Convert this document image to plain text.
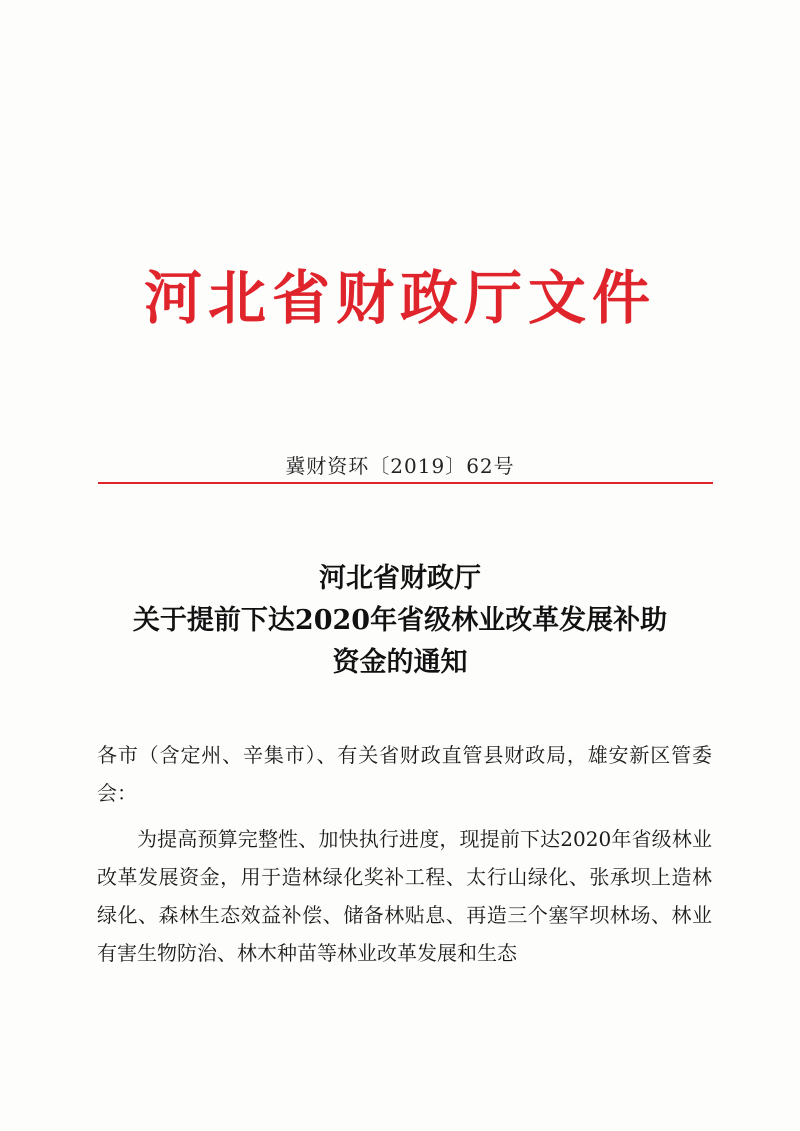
河北省财政厅文件
冀财资环〔2019〕62号
河北省财政厅
关于提前下达2020年省级林业改革发展补助
资金的通知

各市（含定州、辛集市）、有关省财政直管县财政局，雄安新区管委会：

为提高预算完整性、加快执行进度，现提前下达2020年省级林业改革发展资金，用于造林绿化奖补工程、太行山绿化、张承坝上造林绿化、森林生态效益补偿、储备林贴息、再造三个塞罕坝林场、林业有害生物防治、林木种苗等林业改革发展和生态
